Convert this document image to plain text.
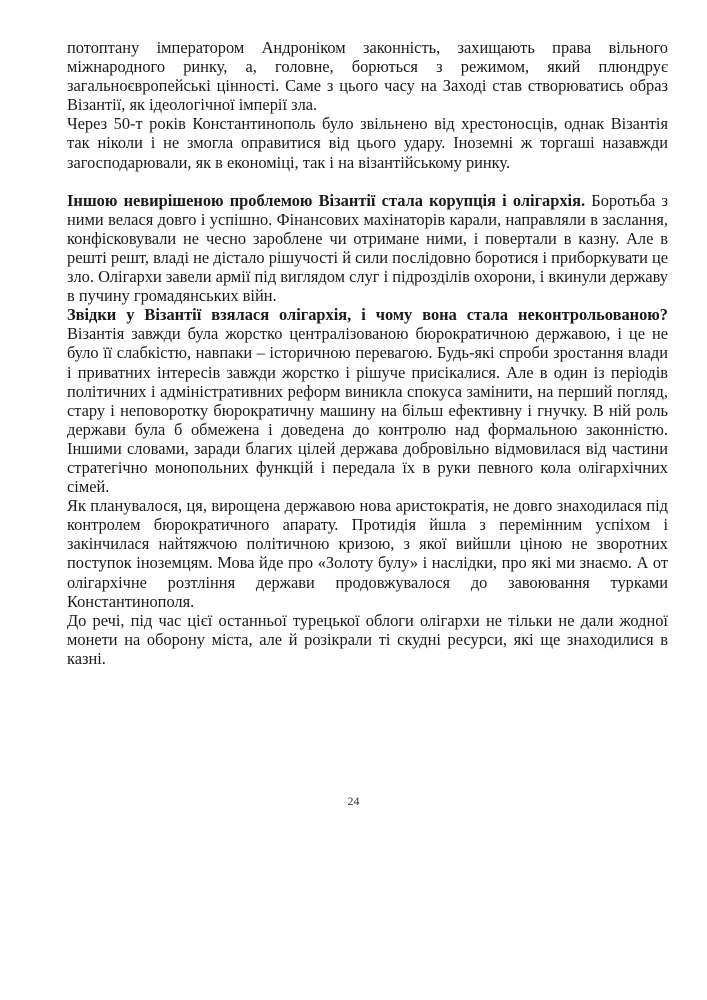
потоптану імператором Андроніком законність, захищають права вільного міжнародного ринку, а, головне, борються з режимом, який плюндрує загальноєвропейські цінності. Саме з цього часу на Заході став створюватись образ Візантії, як ідеологічної імперії зла.

Через 50-т років Константинополь було звільнено від хрестоносців, однак Візантія так ніколи і не змогла оправитися від цього удару. Іноземні ж торгаші назавжди загосподарювали, як в економіці, так і на візантійському ринку.

Іншою невирішеною проблемою Візантії стала корупція і олігархія. Боротьба з ними велася довго і успішно. Фінансових махінаторів карали, направляли в заслання, конфісковували не чесно зароблене чи отримане ними, і повертали в казну. Але в решті решт, владі не дістало рішучості й сили послідовно боротися і приборкувати це зло. Олігархи завели армії під виглядом слуг і підрозділів охорони, і вкинули державу в пучину громадянських війн.

Звідки у Візантії взялася олігархія, і чому вона стала неконтрольованою? Візантія завжди була жорстко централізованою бюрократичною державою, і це не було її слабкістю, навпаки – історичною перевагою. Будь-які спроби зростання влади і приватних інтересів завжди жорстко і рішуче присікалися. Але в один із періодів політичних і адміністративних реформ виникла спокуса замінити, на перший погляд, стару і неповоротку бюрократичну машину на більш ефективну і гнучку. В ній роль держави була б обмежена і доведена до контролю над формальною законністю. Іншими словами, заради благих цілей держава добровільно відмовилася від частини стратегічно монопольних функцій і передала їх в руки певного кола олігархічних сімей.

Як планувалося, ця, вирощена державою нова аристократія, не довго знаходилася під контролем бюрократичного апарату. Протидія йшла з перемінним успіхом і закінчилася найтяжчою політичною кризою, з якої вийшли ціною не зворотних поступок іноземцям. Мова йде про «Золоту булу» і наслідки, про які ми знаємо. А от олігархічне розтління держави продовжувалося до завоювання турками Константинополя.

До речі, під час цієї останньої турецької облоги олігархи не тільки не дали жодної монети на оборону міста, але й розікрали ті скудні ресурси, які ще знаходилися в казні.

24
